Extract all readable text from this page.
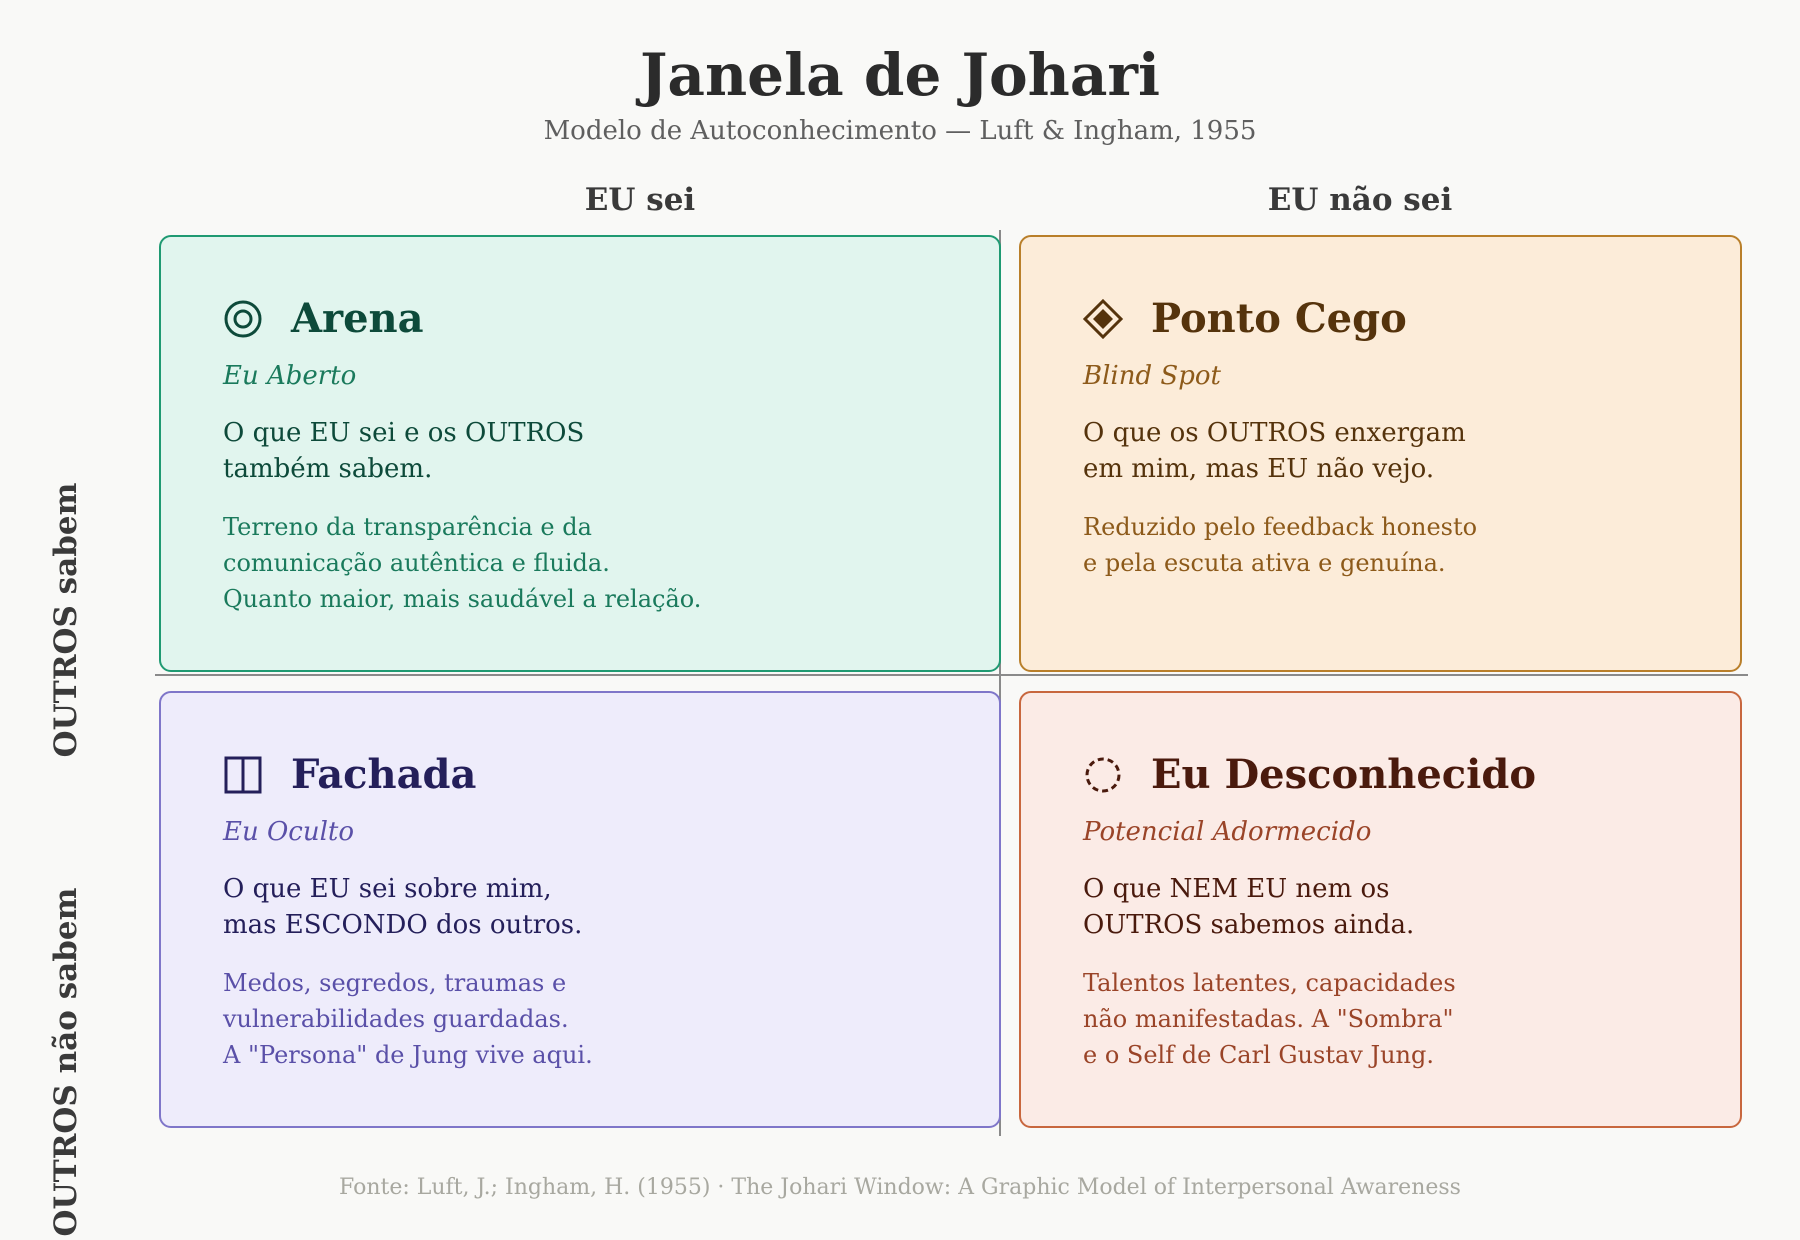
Janela de Johari
Modelo de Autoconhecimento — Luft & Ingham, 1955
EU sei	EU não sei
OUTROS sabem
OUTROS não sabem
Arena
Eu Aberto
O que EU sei e os OUTROS
também sabem.
Terreno da transparência e da
comunicação autêntica e fluida.
Quanto maior, mais saudável a relação.
Ponto Cego
Blind Spot
O que os OUTROS enxergam
em mim, mas EU não vejo.
Reduzido pelo feedback honesto
e pela escuta ativa e genuína.
Fachada
Eu Oculto
O que EU sei sobre mim,
mas ESCONDO dos outros.
Medos, segredos, traumas e
vulnerabilidades guardadas.
A "Persona" de Jung vive aqui.
Eu Desconhecido
Potencial Adormecido
O que NEM EU nem os
OUTROS sabemos ainda.
Talentos latentes, capacidades
não manifestadas. A "Sombra"
e o Self de Carl Gustav Jung.
Fonte: Luft, J.; Ingham, H. (1955) · The Johari Window: A Graphic Model of Interpersonal Awareness
